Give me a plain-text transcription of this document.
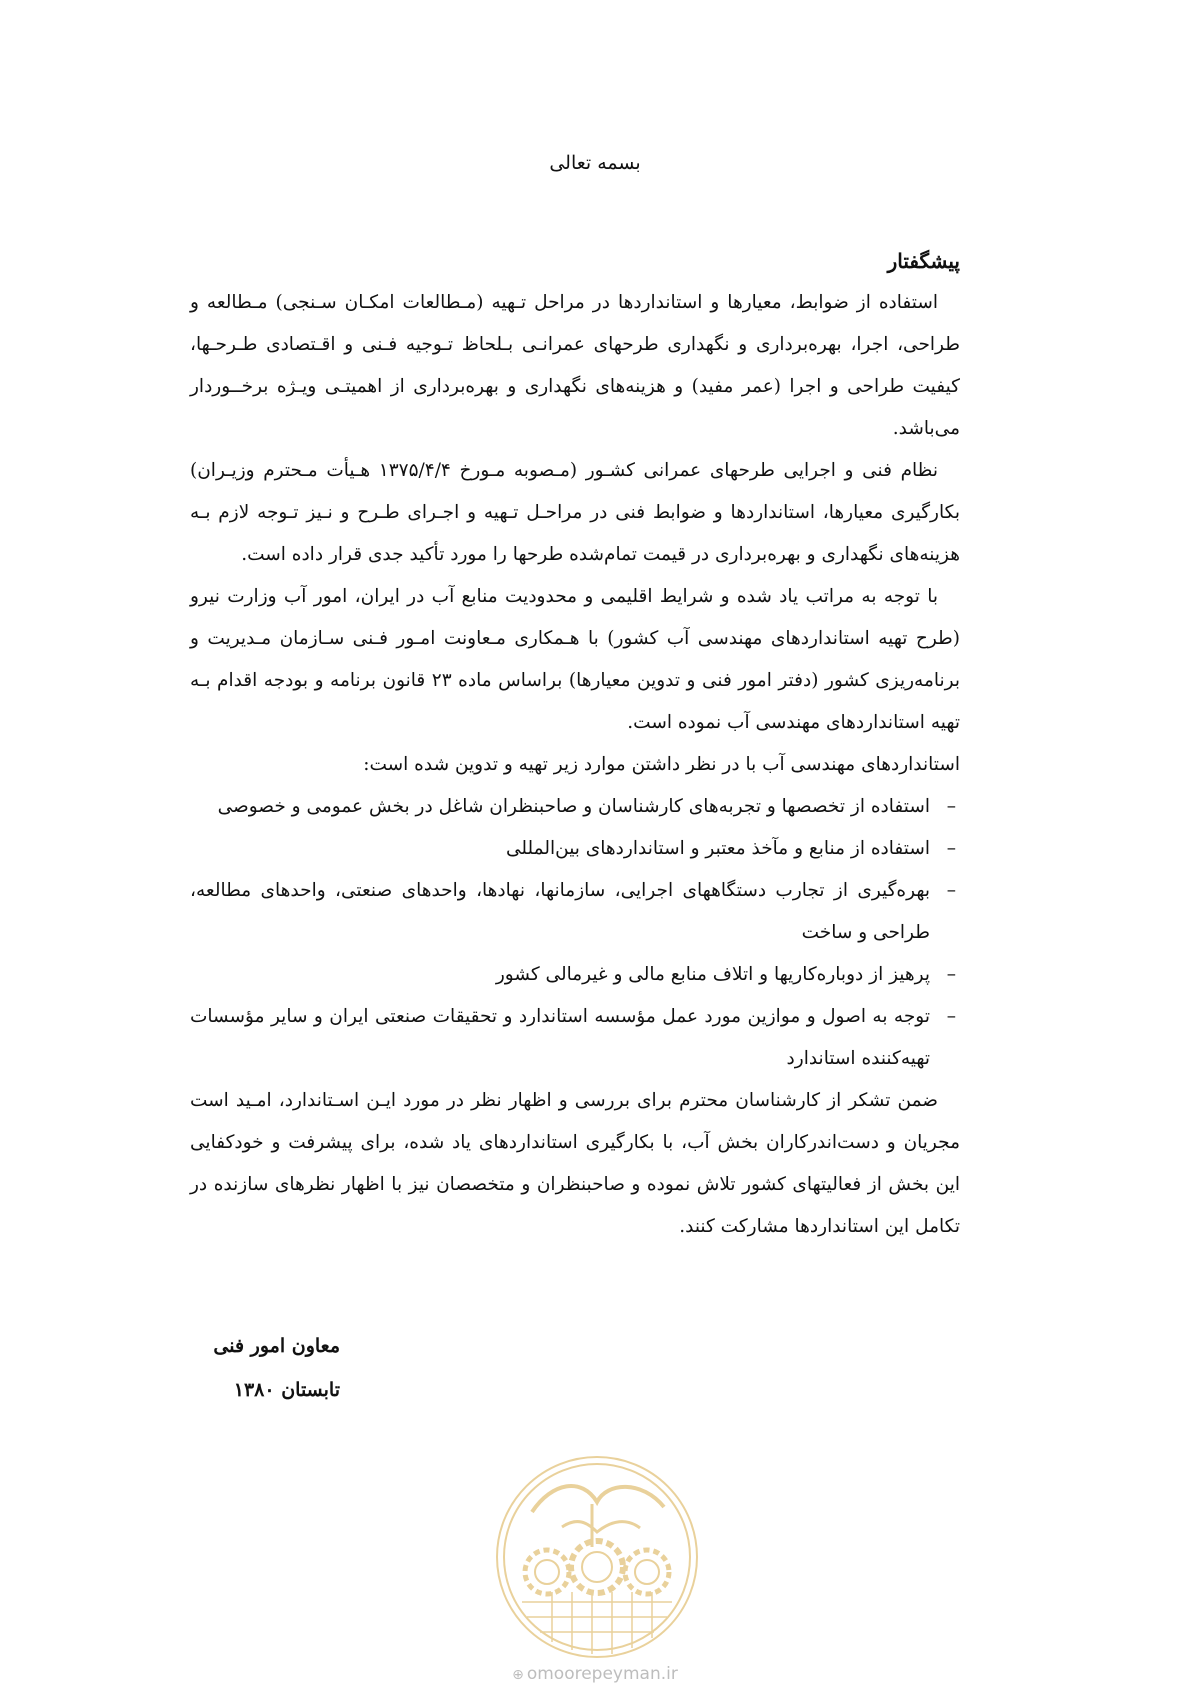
بسمه تعالی
پیشگفتار

استفاده از ضوابط، معیارها و استانداردها در مراحل تـهیه (مـطالعات امکـان سـنجی) مـطالعه و طراحی، اجرا، بهره‌برداری و نگهداری طرحهای عمرانـی بـلحاظ تـوجیه فـنی و اقـتصادی طـرحـها، کیفیت طراحی و اجرا (عمر مفید) و هزینه‌های نگهداری و بهره‌برداری از اهمیتـی ویـژه برخــوردار می‌باشد.

نظام فنی و اجرایی طرحهای عمرانی کشـور (مـصوبه مـورخ ۱۳۷۵/۴/۴ هـیأت مـحترم وزیـران) بکارگیری معیارها، استانداردها و ضوابط فنی در مراحـل تـهیه و اجـرای طـرح و نـیز تـوجه لازم بـه هزینه‌های نگهداری و بهره‌برداری در قیمت تمام‌شده طرحها را مورد تأکید جدی قرار داده است.

با توجه به مراتب یاد شده و شرایط اقلیمی و محدودیت منابع آب در ایران، امور آب وزارت نیرو (طرح تهیه استانداردهای مهندسی آب کشور) با هـمکاری مـعاونت امـور فـنی سـازمان مـدیریت و برنامه‌ریزی کشور (دفتر امور فنی و تدوین معیارها) براساس ماده ۲۳ قانون برنامه و بودجه اقدام بـه تهیه استانداردهای مهندسی آب نموده است.

استانداردهای مهندسی آب با در نظر داشتن موارد زیر تهیه و تدوین شده است:

–
استفاده از تخصصها و تجربه‌های کارشناسان و صاحبنظران شاغل در بخش عمومی و خصوصی
–
استفاده از منابع و مآخذ معتبر و استانداردهای بین‌المللی
–
بهره‌گیری از تجارب دستگاههای اجرایی، سازمانها، نهادها، واحدهای صنعتی، واحدهای مطالعه، طراحی و ساخت
–
پرهیز از دوباره‌کاریها و اتلاف منابع مالی و غیرمالی کشور
–
توجه به اصول و موازین مورد عمل مؤسسه استاندارد و تحقیقات صنعتی ایران و سایر مؤسسات تهیه‌کننده استاندارد

ضمن تشکر از کارشناسان محترم برای بررسی و اظهار نظر در مورد ایـن اسـتاندارد، امـید است مجریان و دست‌اندرکاران بخش آب، با بکارگیری استانداردهای یاد شده، برای پیشرفت و خودکفایی این بخش از فعالیتهای کشور تلاش نموده و صاحبنظران و متخصصان نیز با اظهار نظرهای سازنده در تکامل این استانداردها مشارکت کنند.

معاون امور فنی
تابستان ۱۳۸۰
⊕ omoorepeyman.ir
